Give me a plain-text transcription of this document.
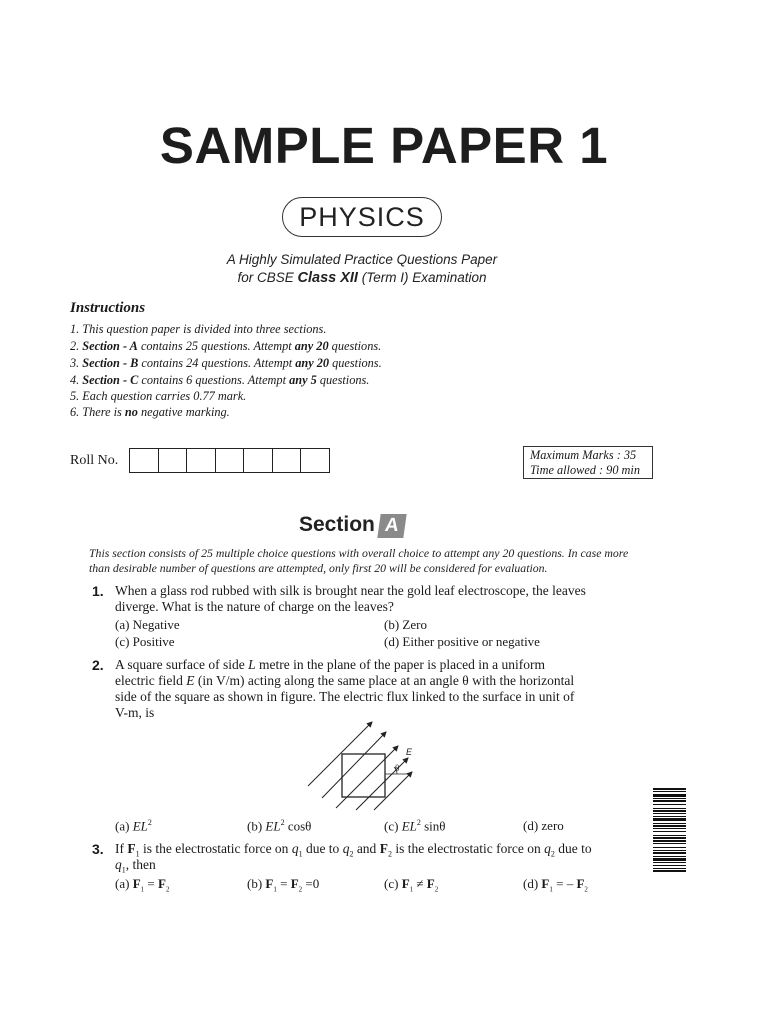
SAMPLE PAPER 1
PHYSICS
A Highly Simulated Practice Questions Paper
for CBSE Class XII (Term I) Examination
Instructions
1. This question paper is divided into three sections.
2. Section - A contains 25 questions. Attempt any 20 questions.
3. Section - B contains 24 questions. Attempt any 20 questions.
4. Section - C contains 6 questions. Attempt any 5 questions.
5. Each question carries 0.77 mark.
6. There is no negative marking.
Roll No.	Maximum Marks : 35
Time allowed : 90 min
Section A
This section consists of 25 multiple choice questions with overall choice to attempt any 20 questions. In case more than desirable number of questions are attempted, only first 20 will be considered for evaluation.
1. When a glass rod rubbed with silk is brought near the gold leaf electroscope, the leaves
diverge. What is the nature of charge on the leaves?
(a) Negative	(b) Zero
(c) Positive	(d) Either positive or negative
2. A square surface of side L metre in the plane of the paper is placed in a uniform
electric field E (in V/m) acting along the same place at an angle θ with the horizontal
side of the square as shown in figure. The electric flux linked to the surface in unit of
V-m, is
E
θ
(a) $EL^2$	(b) $EL^2$ cosθ	(c) $EL^2$ sinθ	(d) zero
3. If $F_1$ is the electrostatic force on $q_1$ due to $q_2$ and $F_2$ is the electrostatic force on $q_2$ due to
$q_1$, then
(a) $F_1 = F_2$	(b) $F_1 = F_2 =0$	(c) $F_1 \ne F_2$	(d) $F_1$ = – $F_2$
